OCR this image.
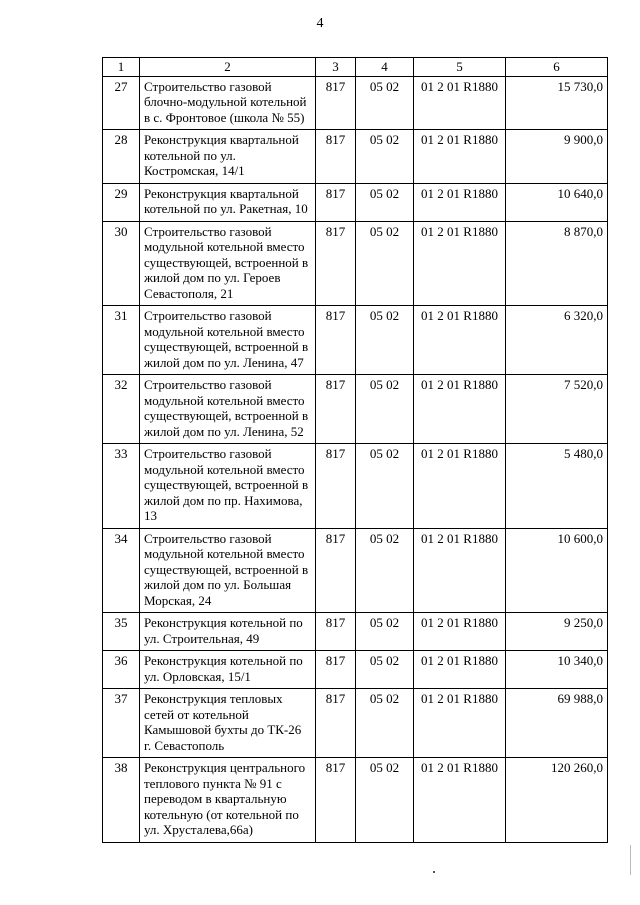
4
1	2	3	4	5	6
27	Строительство газовой блочно-модульной котельной в с. Фронтовое (школа № 55)	817	05 02	01 2 01 R1880	15 730,0
28	Реконструкция квартальной котельной по ул. Костромская, 14/1	817	05 02	01 2 01 R1880	9 900,0
29	Реконструкция квартальной котельной по ул. Ракетная, 10	817	05 02	01 2 01 R1880	10 640,0
30	Строительство газовой модульной котельной вместо существующей, встроенной в жилой дом по ул. Героев Севастополя, 21	817	05 02	01 2 01 R1880	8 870,0
31	Строительство газовой модульной котельной вместо существующей, встроенной в жилой дом по ул. Ленина, 47	817	05 02	01 2 01 R1880	6 320,0
32	Строительство газовой модульной котельной вместо существующей, встроенной в жилой дом по ул. Ленина, 52	817	05 02	01 2 01 R1880	7 520,0
33	Строительство газовой модульной котельной вместо существующей, встроенной в жилой дом по пр. Нахимова, 13	817	05 02	01 2 01 R1880	5 480,0
34	Строительство газовой модульной котельной вместо существующей, встроенной в жилой дом по ул. Большая Морская, 24	817	05 02	01 2 01 R1880	10 600,0
35	Реконструкция котельной по ул. Строительная, 49	817	05 02	01 2 01 R1880	9 250,0
36	Реконструкция котельной по ул. Орловская, 15/1	817	05 02	01 2 01 R1880	10 340,0
37	Реконструкция тепловых сетей от котельной Камышовой бухты до ТК-26 г. Севастополь	817	05 02	01 2 01 R1880	69 988,0
38	Реконструкция центрального теплового пункта № 91 с переводом в квартальную котельную (от котельной по ул. Хрусталева,66а)	817	05 02	01 2 01 R1880	120 260,0
